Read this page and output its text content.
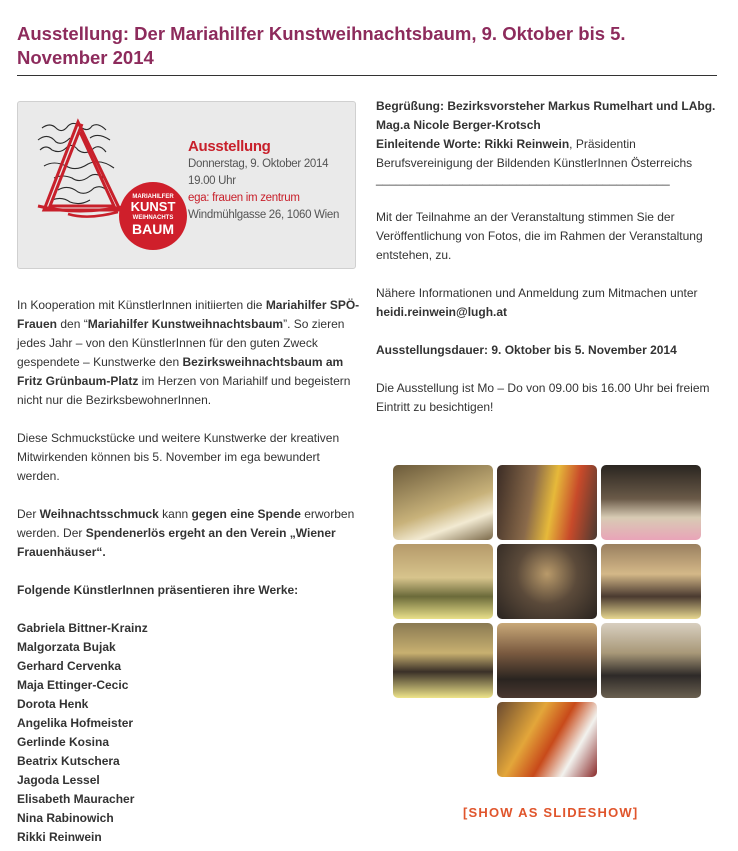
Ausstellung: Der Mariahilfer Kunstweihnachtsbaum, 9. Oktober bis 5. November 2014
MARIAHILFER
KUNST
WEIHNACHTS
BAUM
Ausstellung
Donnerstag, 9. Oktober 2014
19.00 Uhr
ega: frauen im zentrum
Windmühlgasse 26, 1060 Wien

In Kooperation mit KünstlerInnen initiierten die Mariahilfer SPÖ-Frauen den “Mariahilfer Kunstweihnachtsbaum”. So zieren jedes Jahr – von den KünstlerInnen für den guten Zweck gespendete – Kunstwerke den Bezirksweihnachtsbaum am Fritz Grünbaum-Platz im Herzen von Mariahilf und begeistern nicht nur die BezirksbewohnerInnen.

Diese Schmuckstücke und weitere Kunstwerke der kreativen Mitwirkenden können bis 5. November im ega bewundert werden.

Der Weihnachtsschmuck kann gegen eine Spende erworben werden. Der Spendenerlös ergeht an den Verein „Wiener Frauenhäuser“.

Folgende KünstlerInnen präsentieren ihre Werke:

Gabriela Bittner-Krainz
Malgorzata Bujak
Gerhard Cervenka
Maja Ettinger-Cecic
Dorota Henk
Angelika Hofmeister
Gerlinde Kosina
Beatrix Kutschera
Jagoda Lessel
Elisabeth Mauracher
Nina Rabinowich
Rikki Reinwein
Begrüßung: Bezirksvorsteher Markus Rumelhart und LAbg. Mag.a Nicole Berger-Krotsch
Einleitende Worte: Rikki Reinwein, Präsidentin Berufsvereinigung der Bildenden KünstlerInnen Österreichs

____________________________________________

Mit der Teilnahme an der Veranstaltung stimmen Sie der Veröffentlichung von Fotos, die im Rahmen der Veranstaltung entstehen, zu.

Nähere Informationen und Anmeldung zum Mitmachen unter
heidi.reinwein@lugh.at

Ausstellungsdauer: 9. Oktober bis 5. November 2014

Die Ausstellung ist Mo – Do von 09.00 bis 16.00 Uhr bei freiem Eintritt zu besichtigen!

[SHOW AS SLIDESHOW]
